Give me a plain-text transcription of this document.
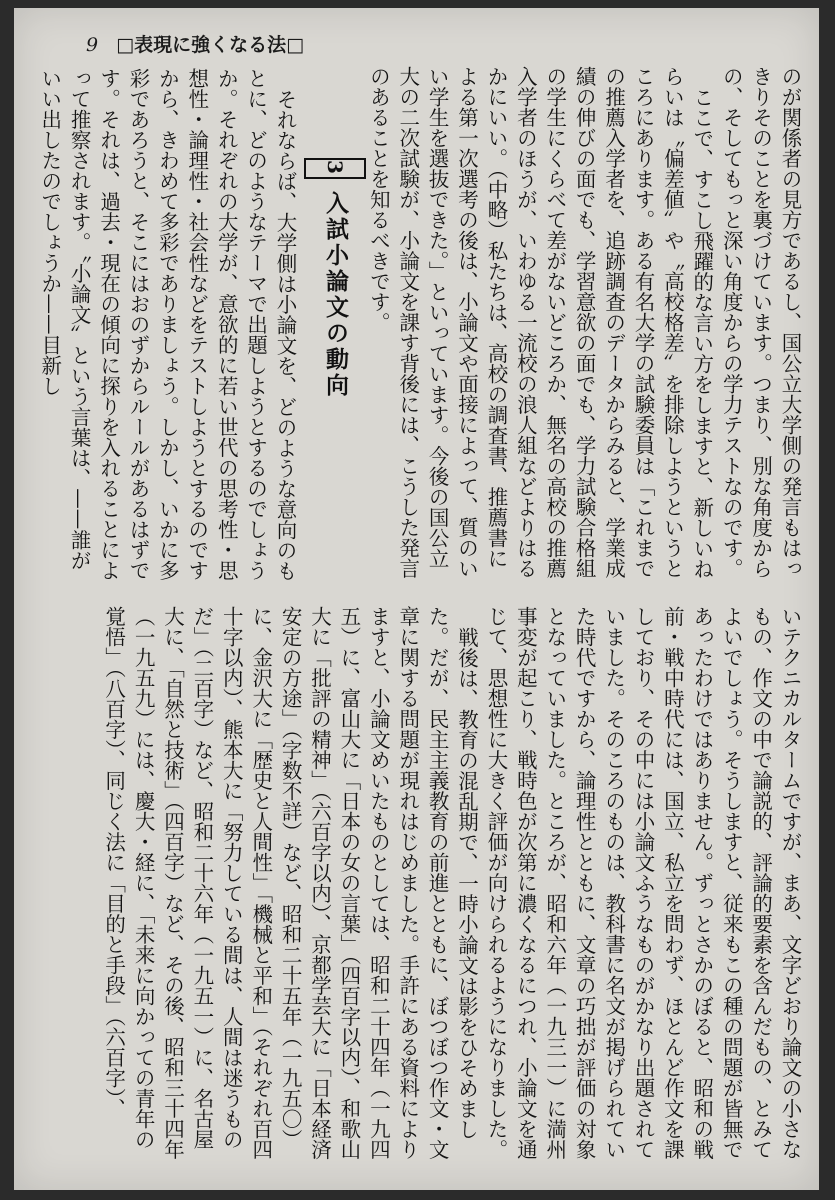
9 □表現に強くなる法□

のが関係者の見方であるし、国公立大学側の発言もはっきりそのことを裏づけています。つまり、別な角度からの、そしてもっと深い角度からの学力テストなのです。

ここで、すこし飛躍的な言い方をしますと、新しいねらいは〝偏差値〟や〝高校格差〟を排除しようというところにあります。ある有名大学の試験委員は「これまでの推薦入学者を、追跡調査のデータからみると、学業成績の伸びの面でも、学習意欲の面でも、学力試験合格組の学生にくらべて差がないどころか、無名の高校の推薦入学者のほうが、いわゆる一流校の浪人組などよりはるかにいい。（中略）私たちは、高校の調査書、推薦書による第一次選考の後は、小論文や面接によって、質のいい学生を選抜できた。」といっています。今後の国公立大の二次試験が、小論文を課す背後には、こうした発言のあることを知るべきです。

3入試小論文の動向

それならば、大学側は小論文を、どのような意向のもとに、どのようなテーマで出題しようとするのでしょうか。それぞれの大学が、意欲的に若い世代の思考性・思想性・論理性・社会性などをテストしようとするのですから、きわめて多彩でありましょう。しかし、いかに多彩であろうと、そこにはおのずからルールがあるはずです。それは、過去・現在の傾向に探りを入れることによって推察されます。〝小論文〟という言葉は、——誰がいい出したのでしょうか——目新し

いテクニカルタームですが、まあ、文字どおり論文の小さなもの、作文の中で論説的、評論的要素を含んだもの、とみてよいでしょう。そうしますと、従来もこの種の問題が皆無であったわけではありません。ずっとさかのぼると、昭和の戦前・戦中時代には、国立、私立を問わず、ほとんど作文を課しており、その中には小論文ふうなものがかなり出題されていました。そのころのものは、教科書に名文が掲げられていた時代ですから、論理性とともに、文章の巧拙が評価の対象となっていました。ところが、昭和六年（一九三一）に満州事変が起こり、戦時色が次第に濃くなるにつれ、小論文を通じて、思想性に大きく評価が向けられるようになりました。

戦後は、教育の混乱期で、一時小論文は影をひそめました。だが、民主主義教育の前進とともに、ぼつぼつ作文・文章に関する問題が現れはじめました。手許にある資料によりますと、小論文めいたものとしては、昭和二十四年（一九四五）に、富山大に「日本の女の言葉」（四百字以内）、和歌山大に「批評の精神」（六百字以内）、京都学芸大に「日本経済安定の方途」（字数不詳）など、昭和二十五年（一九五〇）に、金沢大に「歴史と人間性」「機械と平和」（それぞれ百四十字以内）、熊本大に「努力している間は、人間は迷うものだ」（二百字）など、昭和二十六年（一九五一）に、名古屋大に、「自然と技術」（四百字）など、その後、昭和三十四年（一九五九）には、慶大・経に、「未来に向かっての青年の覚悟」（八百字）、同じく法に「目的と手段」（六百字）、
